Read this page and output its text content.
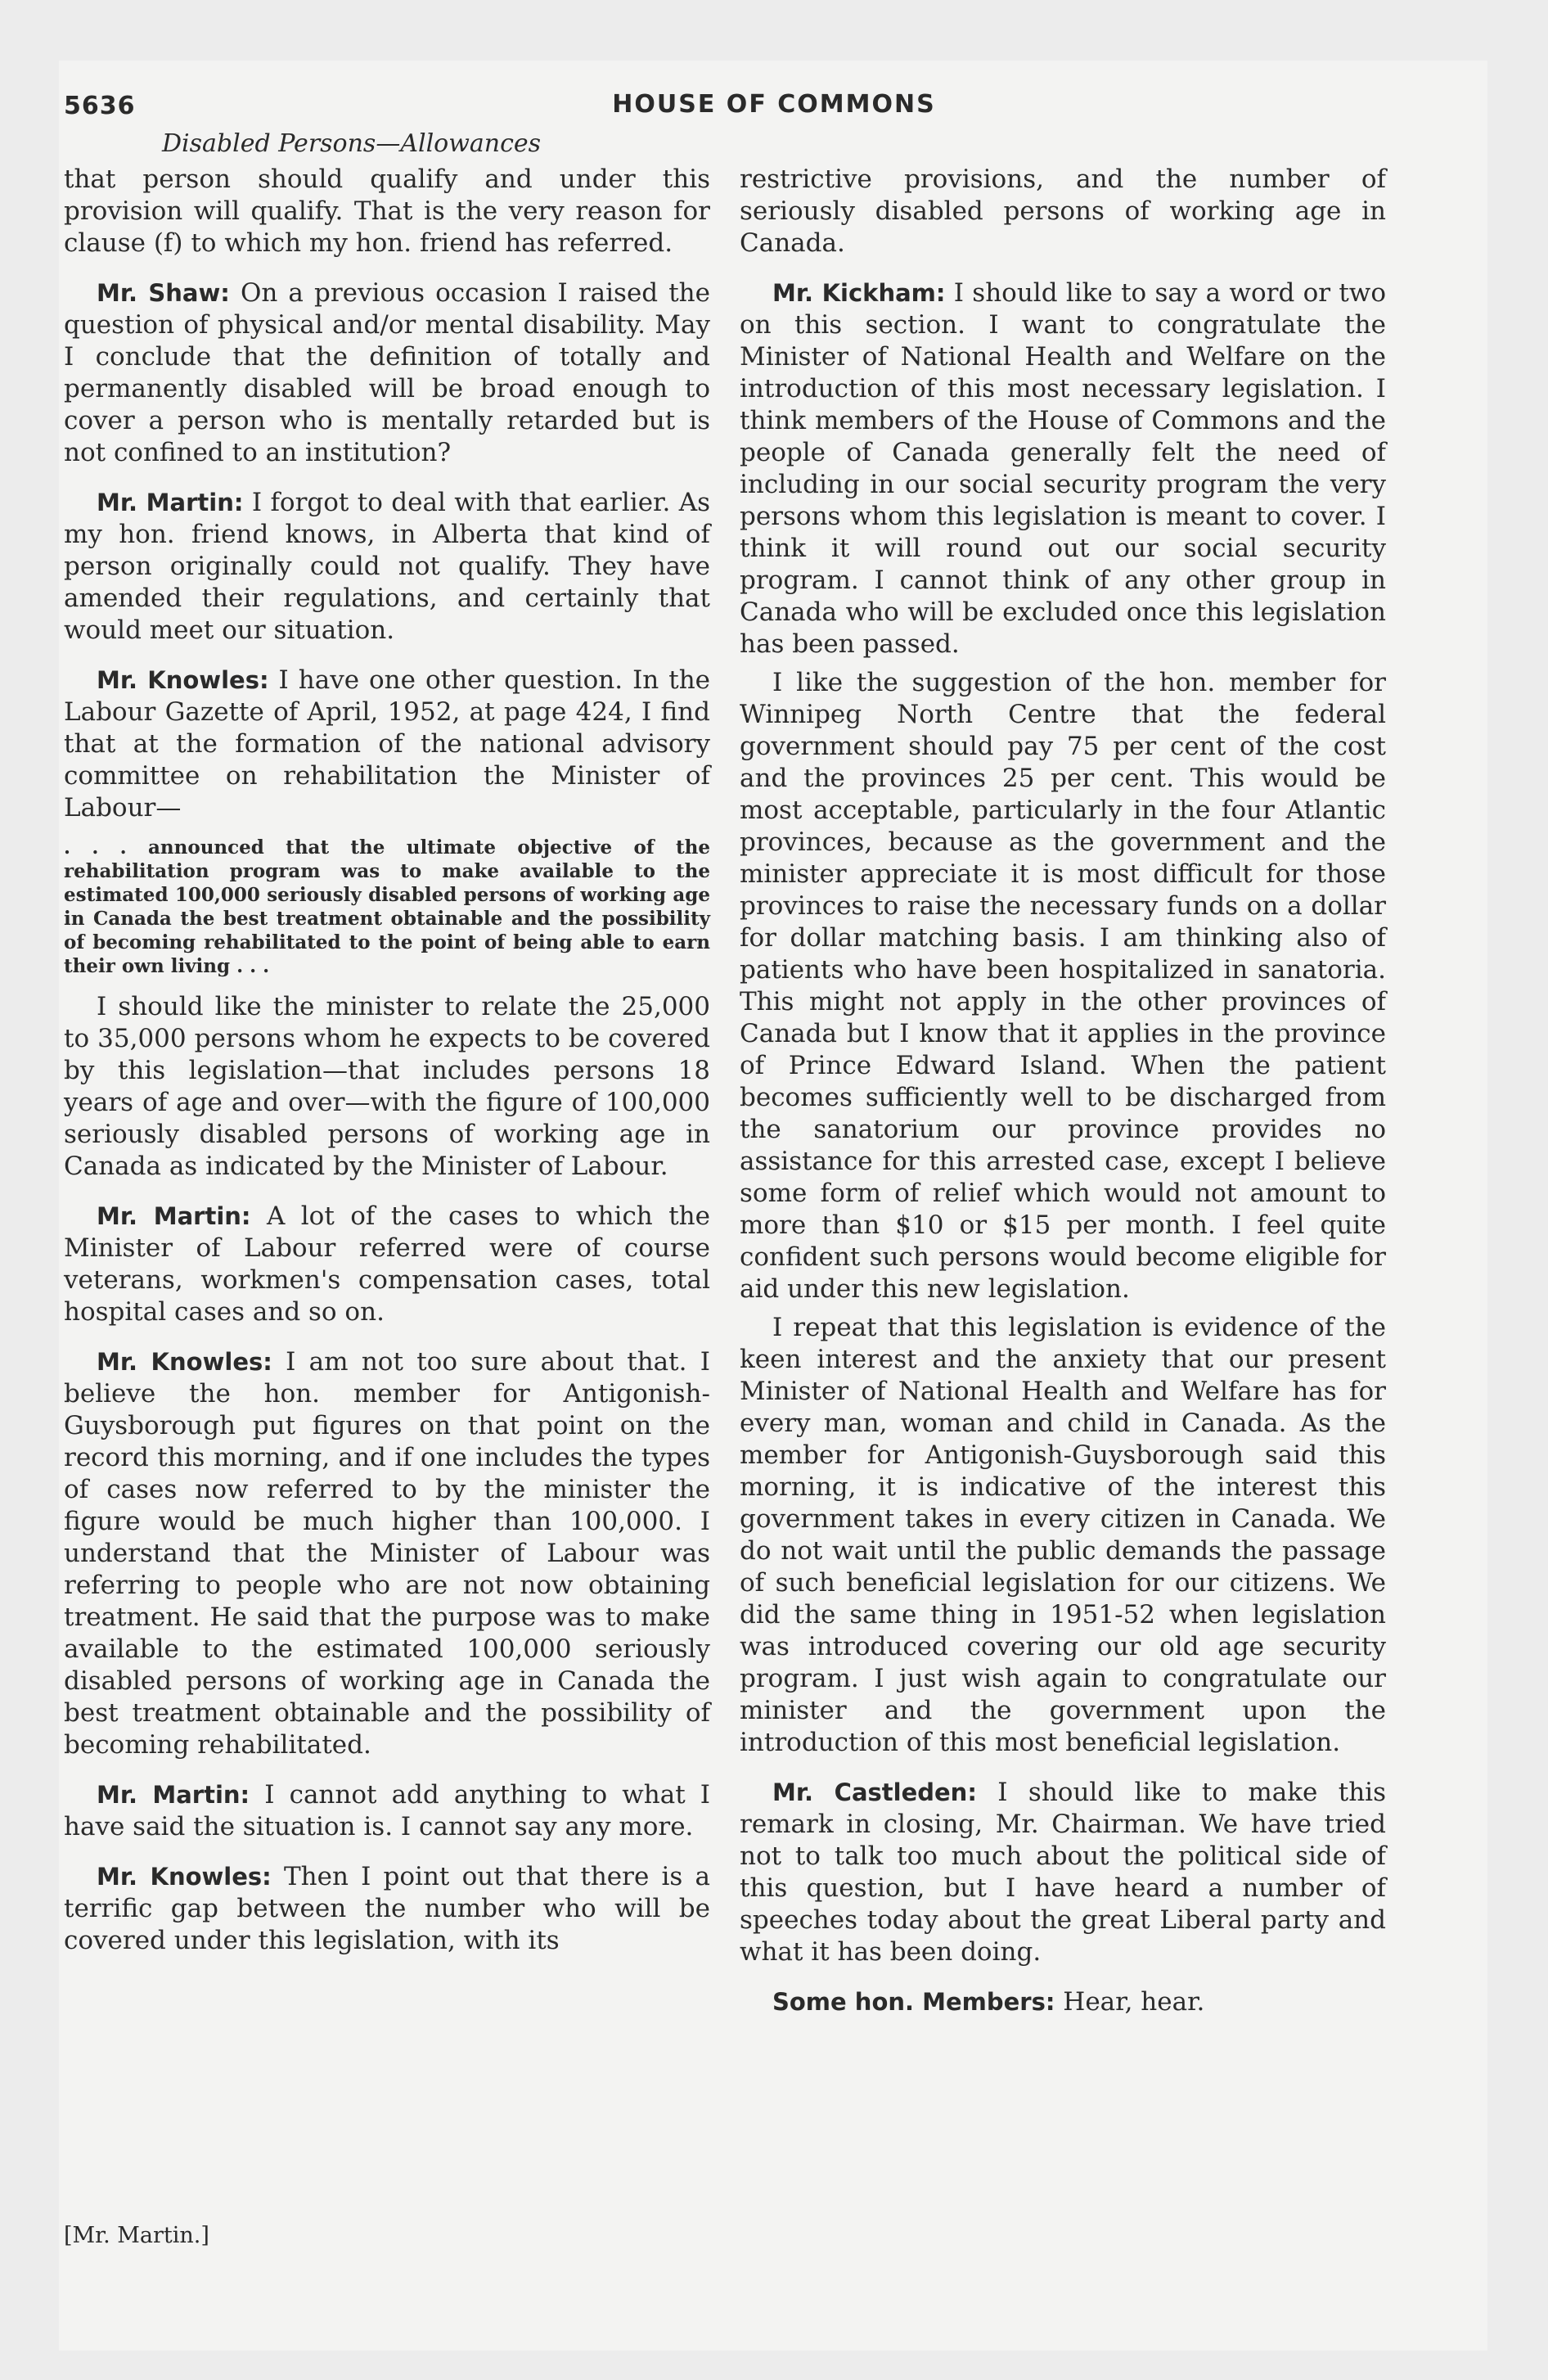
5636	HOUSE OF COMMONS

Disabled Persons—Allowances

that person should qualify and under this provision will qualify. That is the very reason for clause (f) to which my hon. friend has referred.

Mr. Shaw: On a previous occasion I raised the question of physical and/or mental disability. May I conclude that the definition of totally and permanently disabled will be broad enough to cover a person who is mentally retarded but is not confined to an institution?

Mr. Martin: I forgot to deal with that earlier. As my hon. friend knows, in Alberta that kind of person originally could not qualify. They have amended their regulations, and certainly that would meet our situation.

Mr. Knowles: I have one other question. In the Labour Gazette of April, 1952, at page 424, I find that at the formation of the national advisory committee on rehabilitation the Minister of Labour—

. . . announced that the ultimate objective of the rehabilitation program was to make available to the estimated 100,000 seriously disabled persons of working age in Canada the best treatment obtainable and the possibility of becoming rehabilitated to the point of being able to earn their own living . . .

I should like the minister to relate the 25,000 to 35,000 persons whom he expects to be covered by this legislation—that includes persons 18 years of age and over—with the figure of 100,000 seriously disabled persons of working age in Canada as indicated by the Minister of Labour.

Mr. Martin: A lot of the cases to which the Minister of Labour referred were of course veterans, workmen's compensation cases, total hospital cases and so on.

Mr. Knowles: I am not too sure about that. I believe the hon. member for Antigonish-Guysborough put figures on that point on the record this morning, and if one includes the types of cases now referred to by the minister the figure would be much higher than 100,000. I understand that the Minister of Labour was referring to people who are not now obtaining treatment. He said that the purpose was to make available to the estimated 100,000 seriously disabled persons of working age in Canada the best treatment obtainable and the possibility of becoming rehabilitated.

Mr. Martin: I cannot add anything to what I have said the situation is. I cannot say any more.

Mr. Knowles: Then I point out that there is a terrific gap between the number who will be covered under this legislation, with its

restrictive provisions, and the number of seriously disabled persons of working age in Canada.

Mr. Kickham: I should like to say a word or two on this section. I want to congratulate the Minister of National Health and Welfare on the introduction of this most necessary legislation. I think members of the House of Commons and the people of Canada generally felt the need of including in our social security program the very persons whom this legislation is meant to cover. I think it will round out our social security program. I cannot think of any other group in Canada who will be excluded once this legislation has been passed.

I like the suggestion of the hon. member for Winnipeg North Centre that the federal government should pay 75 per cent of the cost and the provinces 25 per cent. This would be most acceptable, particularly in the four Atlantic provinces, because as the government and the minister appreciate it is most difficult for those provinces to raise the necessary funds on a dollar for dollar matching basis. I am thinking also of patients who have been hospitalized in sanatoria. This might not apply in the other provinces of Canada but I know that it applies in the province of Prince Edward Island. When the patient becomes sufficiently well to be discharged from the sanatorium our province provides no assistance for this arrested case, except I believe some form of relief which would not amount to more than $10 or $15 per month. I feel quite confident such persons would become eligible for aid under this new legislation.

I repeat that this legislation is evidence of the keen interest and the anxiety that our present Minister of National Health and Welfare has for every man, woman and child in Canada. As the member for Antigonish-Guysborough said this morning, it is indicative of the interest this government takes in every citizen in Canada. We do not wait until the public demands the passage of such beneficial legislation for our citizens. We did the same thing in 1951-52 when legislation was introduced covering our old age security program. I just wish again to congratulate our minister and the government upon the introduction of this most beneficial legislation.

Mr. Castleden: I should like to make this remark in closing, Mr. Chairman. We have tried not to talk too much about the political side of this question, but I have heard a number of speeches today about the great Liberal party and what it has been doing.

Some hon. Members: Hear, hear.

[Mr. Martin.]
